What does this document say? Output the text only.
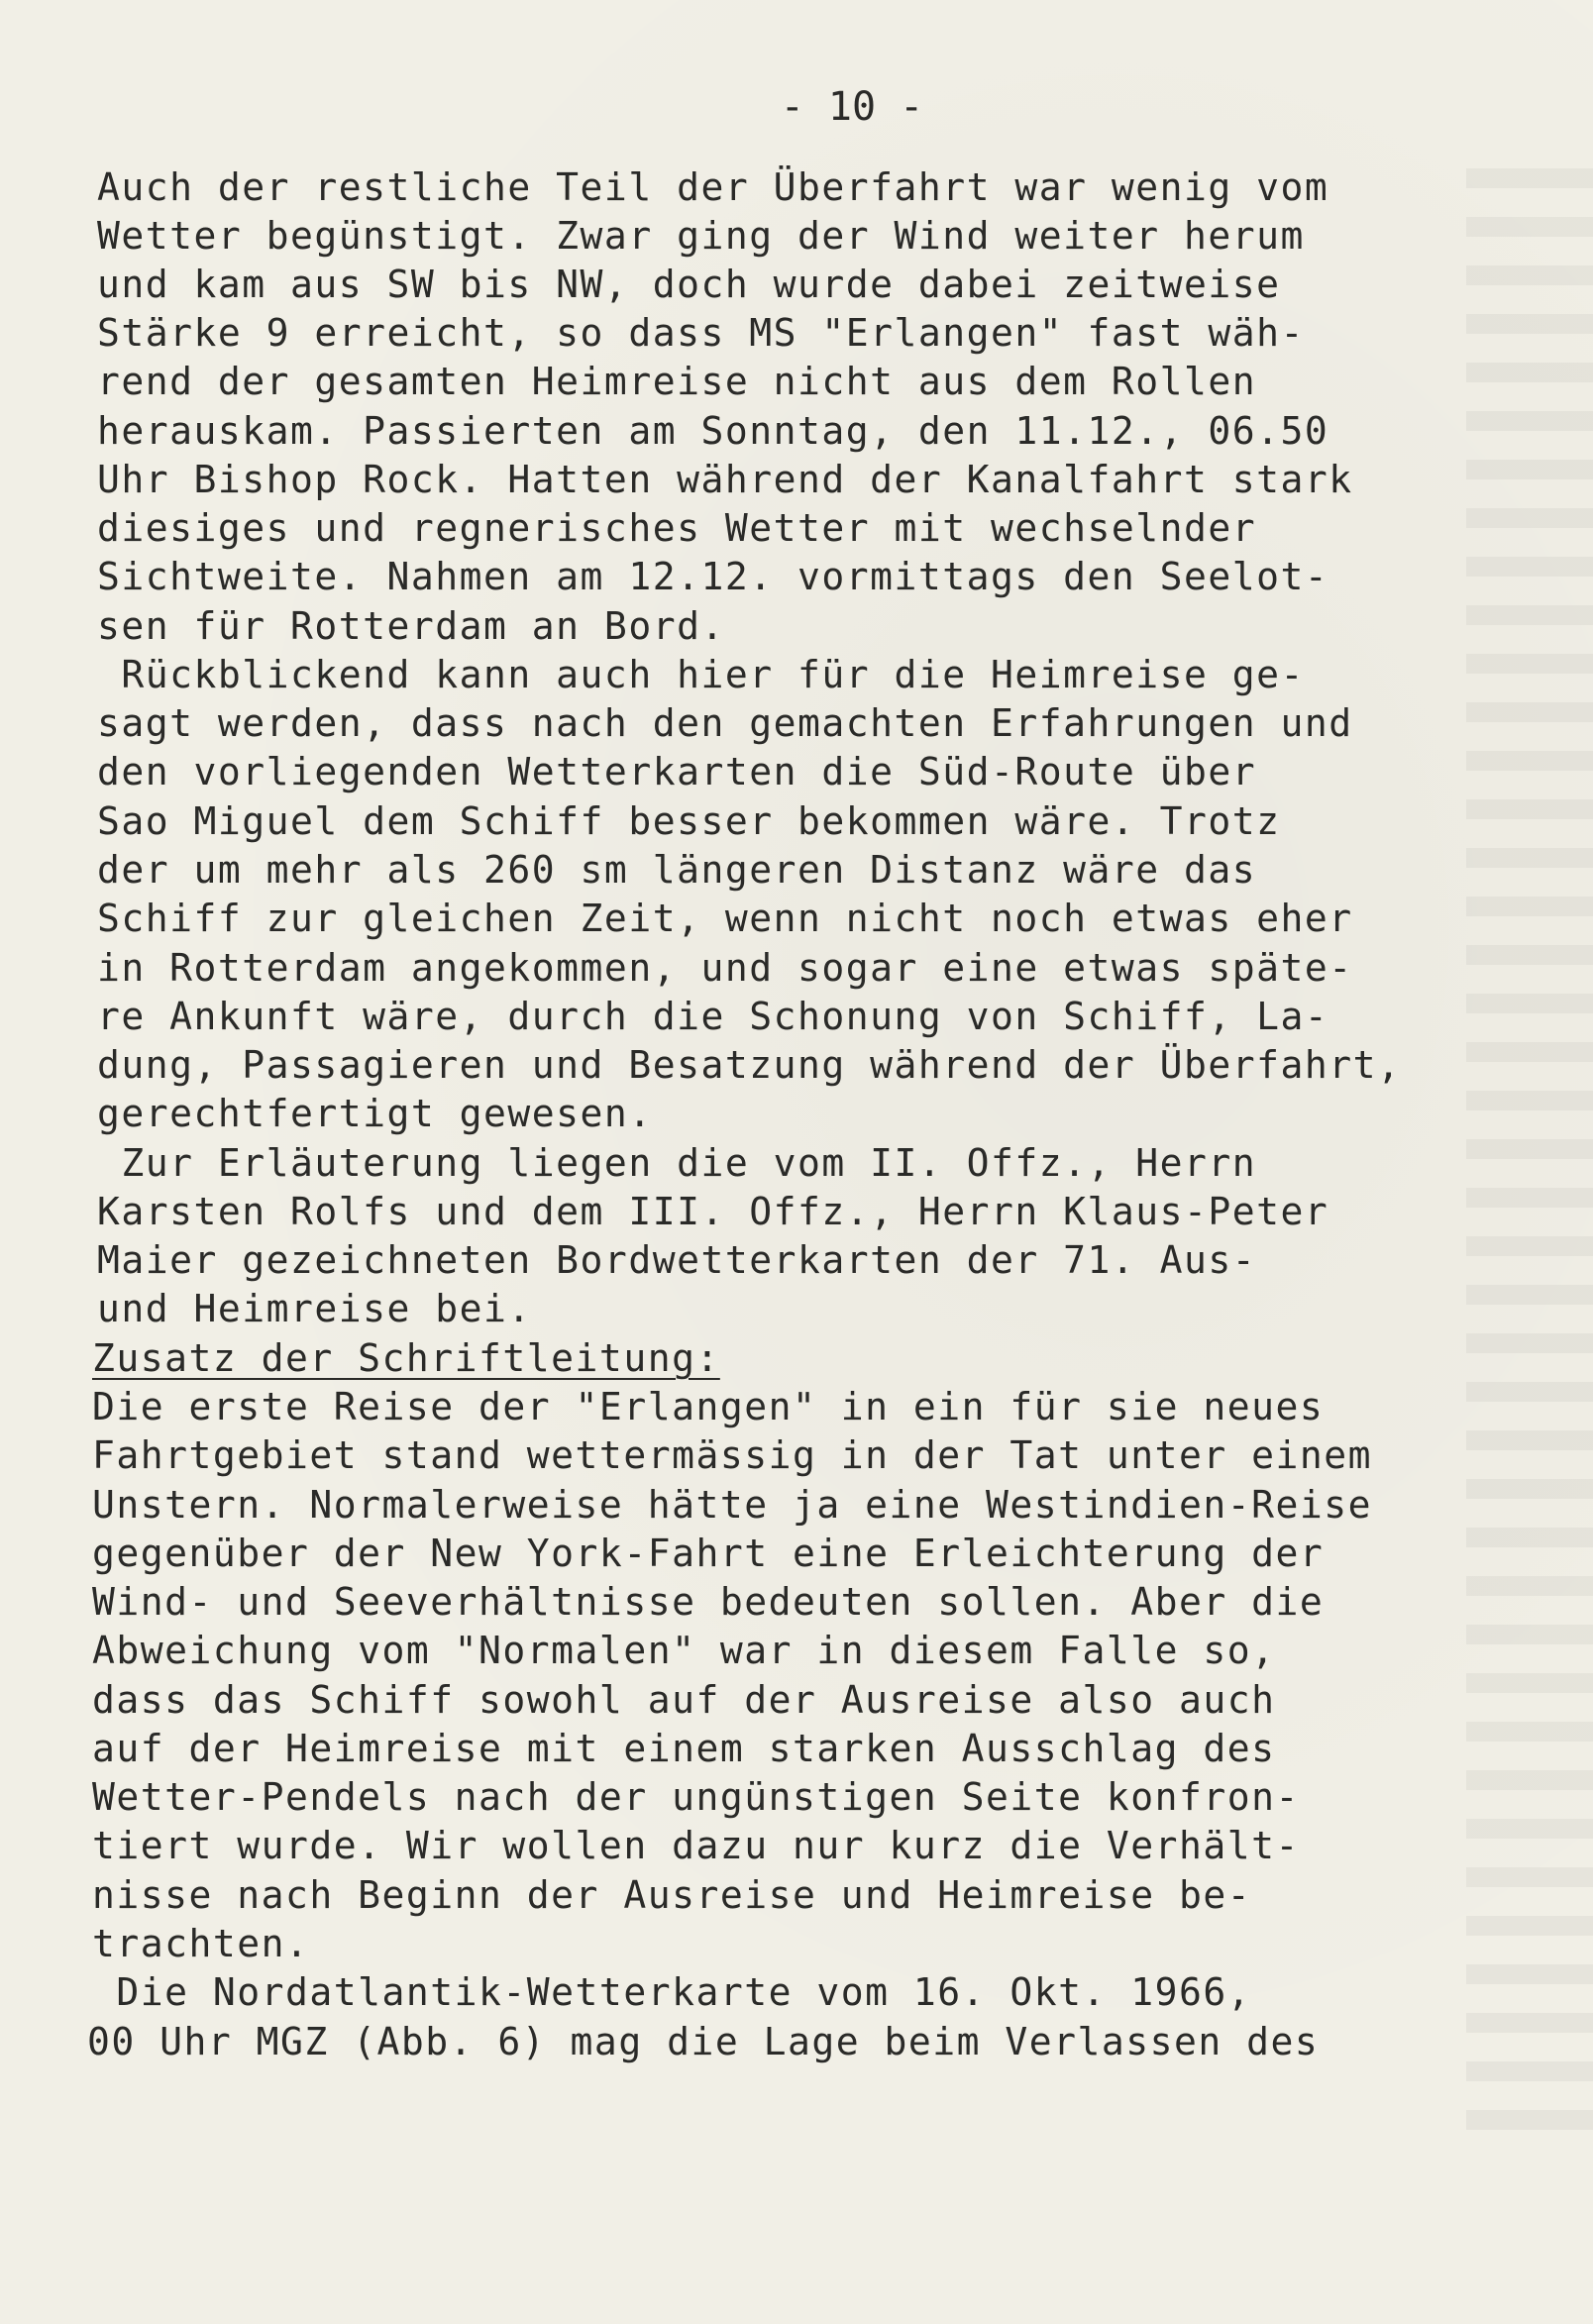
- 10 -
Auch der restliche Teil der Überfahrt war wenig vom
Wetter begünstigt. Zwar ging der Wind weiter herum
und kam aus SW bis NW, doch wurde dabei zeitweise
Stärke 9 erreicht, so dass MS "Erlangen" fast wäh-
rend der gesamten Heimreise nicht aus dem Rollen
herauskam. Passierten am Sonntag, den 11.12., 06.50
Uhr Bishop Rock. Hatten während der Kanalfahrt stark
diesiges und regnerisches Wetter mit wechselnder
Sichtweite. Nahmen am 12.12. vormittags den Seelot-
sen für Rotterdam an Bord.
Rückblickend kann auch hier für die Heimreise ge-
sagt werden, dass nach den gemachten Erfahrungen und
den vorliegenden Wetterkarten die Süd-Route über
Sao Miguel dem Schiff besser bekommen wäre. Trotz
der um mehr als 260 sm längeren Distanz wäre das
Schiff zur gleichen Zeit, wenn nicht noch etwas eher
in Rotterdam angekommen, und sogar eine etwas späte-
re Ankunft wäre, durch die Schonung von Schiff, La-
dung, Passagieren und Besatzung während der Überfahrt,
gerechtfertigt gewesen.
Zur Erläuterung liegen die vom II. Offz., Herrn
Karsten Rolfs und dem III. Offz., Herrn Klaus-Peter
Maier gezeichneten Bordwetterkarten der 71. Aus-
und Heimreise bei.
Zusatz der Schriftleitung:
Die erste Reise der "Erlangen" in ein für sie neues
Fahrtgebiet stand wettermässig in der Tat unter einem
Unstern. Normalerweise hätte ja eine Westindien-Reise
gegenüber der New York-Fahrt eine Erleichterung der
Wind- und Seeverhältnisse bedeuten sollen. Aber die
Abweichung vom "Normalen" war in diesem Falle so,
dass das Schiff sowohl auf der Ausreise also auch
auf der Heimreise mit einem starken Ausschlag des
Wetter-Pendels nach der ungünstigen Seite konfron-
tiert wurde. Wir wollen dazu nur kurz die Verhält-
nisse nach Beginn der Ausreise und Heimreise be-
trachten.
Die Nordatlantik-Wetterkarte vom 16. Okt. 1966,
00 Uhr MGZ (Abb. 6) mag die Lage beim Verlassen des
